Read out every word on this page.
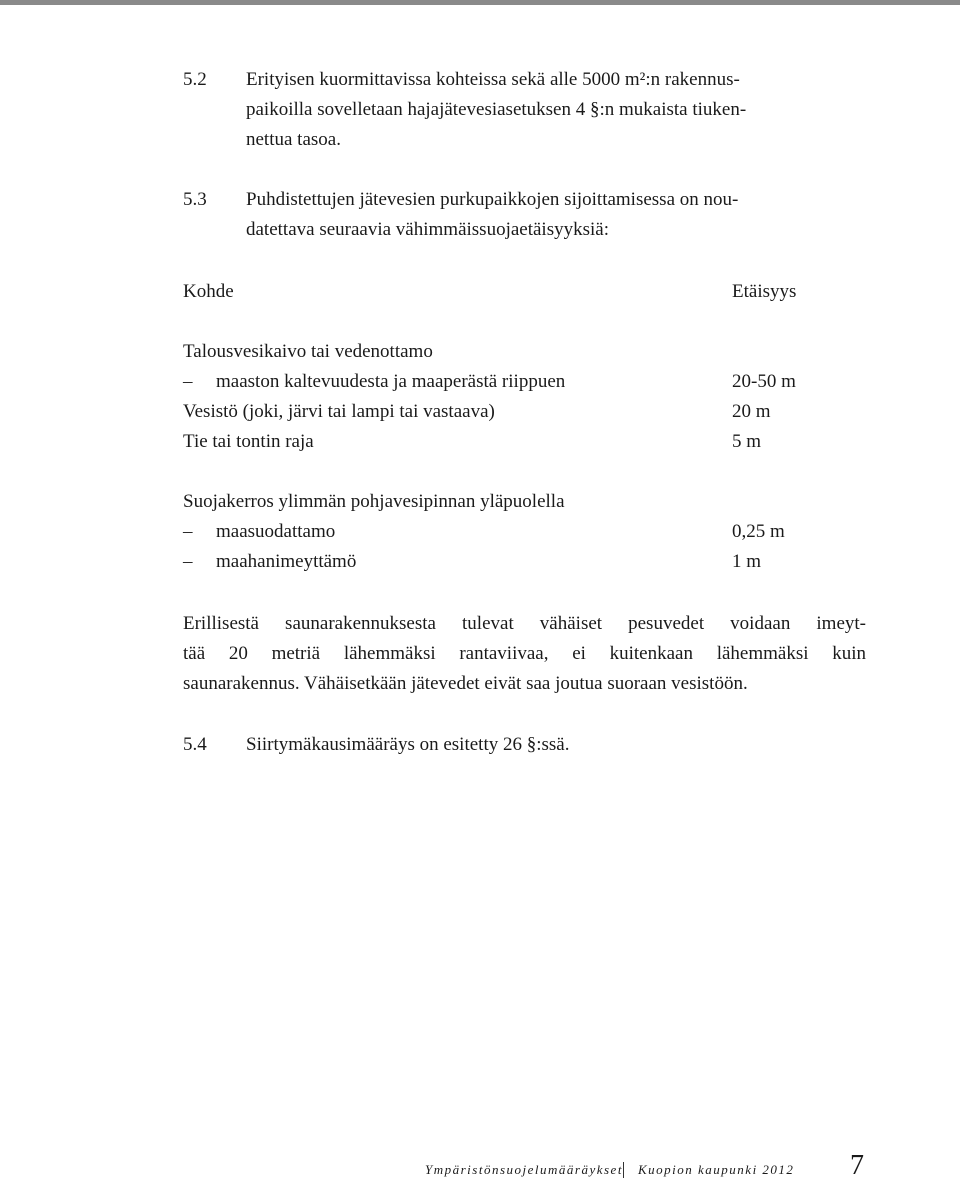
5.2 Erityisen kuormittavissa kohteissa sekä alle 5000 m²:n rakennus-
paikoilla sovelletaan hajajätevesiasetuksen 4 §:n mukaista tiuken-
nettua tasoa.
5.3 Puhdistettujen jätevesien purkupaikkojen sijoittamisessa on nou-
datettava seuraavia vähimmäissuojaetäisyyksiä:
Kohde	Etäisyys
Talousvesikaivo tai vedenottamo
– maaston kaltevuudesta ja maaperästä riippuen	20-50 m
Vesistö (joki, järvi tai lampi tai vastaava)	20 m
Tie tai tontin raja	5 m
Suojakerros ylimmän pohjavesipinnan yläpuolella
– maasuodattamo	0,25 m
– maahanimeyttämö	1 m
Erillisestä saunarakennuksesta tulevat vähäiset pesuvedet voidaan imeyt-
tää 20 metriä lähemmäksi rantaviivaa, ei kuitenkaan lähemmäksi kuin
saunarakennus. Vähäisetkään jätevedet eivät saa joutua suoraan vesistöön.
5.4 Siirtymäkausimääräys on esitetty 26 §:ssä.
Ympäristönsuojelumääräykset Kuopion kaupunki 2012 7
